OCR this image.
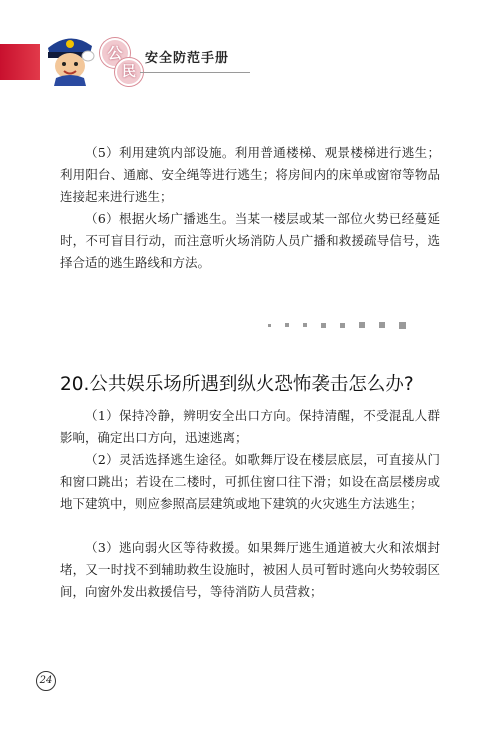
公
民
安全防范手册

（5）利用建筑内部设施。利用普通楼梯、观景楼梯进行逃生；利用阳台、通廊、安全绳等进行逃生；将房间内的床单或窗帘等物品连接起来进行逃生；

（6）根据火场广播逃生。当某一楼层或某一部位火势已经蔓延时，不可盲目行动，而注意听火场消防人员广播和救援疏导信号，选择合适的逃生路线和方法。

20.公共娱乐场所遇到纵火恐怖袭击怎么办?

（1）保持冷静，辨明安全出口方向。保持清醒，不受混乱人群影响，确定出口方向，迅速逃离；

（2）灵活选择逃生途径。如歌舞厅设在楼层底层，可直接从门和窗口跳出；若设在二楼时，可抓住窗口往下滑；如设在高层楼房或地下建筑中，则应参照高层建筑或地下建筑的火灾逃生方法逃生；

（3）逃向弱火区等待救援。如果舞厅逃生通道被大火和浓烟封堵，又一时找不到辅助救生设施时，被困人员可暂时逃向火势较弱区间，向窗外发出救援信号，等待消防人员营救；

24
